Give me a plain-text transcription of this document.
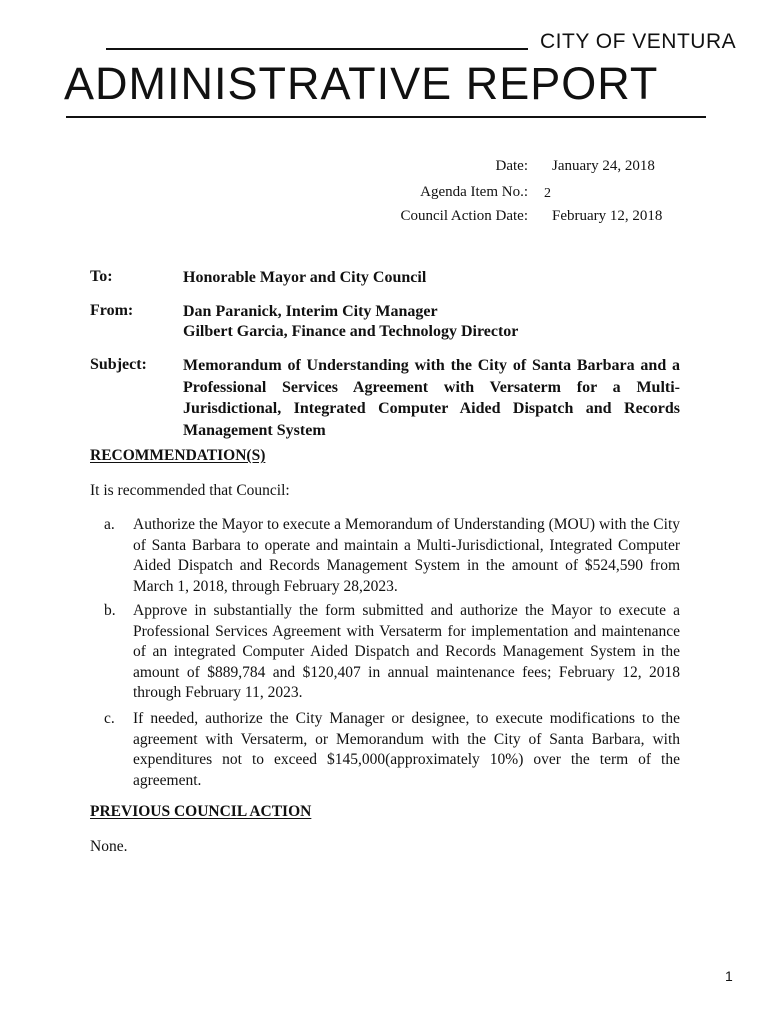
CITY OF VENTURA
ADMINISTRATIVE REPORT
Date: January 24, 2018
Agenda Item No.: 2
Council Action Date: February 12, 2018
To:	Honorable Mayor and City Council
From:	Dan Paranick, Interim City Manager
Gilbert Garcia, Finance and Technology Director
Subject: Memorandum of Understanding with the City of Santa Barbara and a Professional Services Agreement with Versaterm for a Multi-Jurisdictional, Integrated Computer Aided Dispatch and Records Management System
RECOMMENDATION(S)
It is recommended that Council:
a. Authorize the Mayor to execute a Memorandum of Understanding (MOU) with the City of Santa Barbara to operate and maintain a Multi-Jurisdictional, Integrated Computer Aided Dispatch and Records Management System in the amount of $524,590 from March 1, 2018, through February 28,2023.
b. Approve in substantially the form submitted and authorize the Mayor to execute a Professional Services Agreement with Versaterm for implementation and maintenance of an integrated Computer Aided Dispatch and Records Management System in the amount of $889,784 and $120,407 in annual maintenance fees; February 12, 2018 through February 11, 2023.
c. If needed, authorize the City Manager or designee, to execute modifications to the agreement with Versaterm, or Memorandum with the City of Santa Barbara, with expenditures not to exceed $145,000(approximately 10%) over the term of the agreement.
PREVIOUS COUNCIL ACTION
None.
1
